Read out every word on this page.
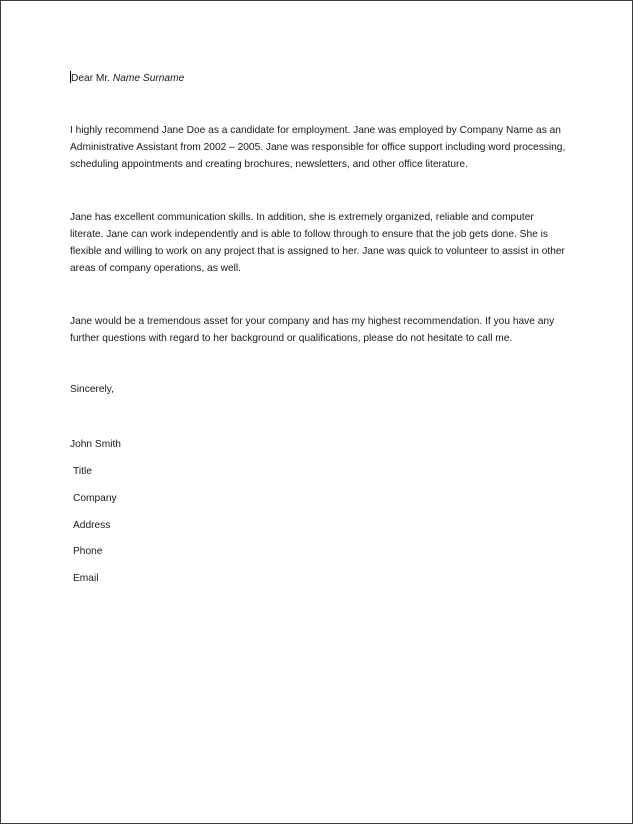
Dear Mr. Name Surname

I highly recommend Jane Doe as a candidate for employment. Jane was employed by Company Name as an Administrative Assistant from 2002 – 2005. Jane was responsible for office support including word processing, scheduling appointments and creating brochures, newsletters, and other office literature.

Jane has excellent communication skills. In addition, she is extremely organized, reliable and computer literate. Jane can work independently and is able to follow through to ensure that the job gets done. She is flexible and willing to work on any project that is assigned to her. Jane was quick to volunteer to assist in other areas of company operations, as well.

Jane would be a tremendous asset for your company and has my highest recommendation. If you have any further questions with regard to her background or qualifications, please do not hesitate to call me.

Sincerely,

John Smith

Title

Company

Address

Phone

Email
